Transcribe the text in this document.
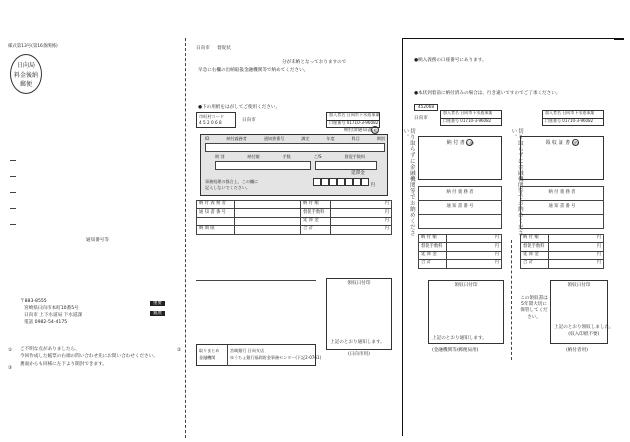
様式第13号(第16条関係)
日向局
料金後納
郵便
通知番号等
〒883-8555
宮崎県日向市本町10番5号
日向市 上下水道局 下水道課
電話 0982-54-4175
重要
親展
① ご不明な点がありましたら、
今回作成した帳票の右端の問い合わせ先にお問い合わせください。
裏面からも同様に左下より開封できます。
③
②
日向市 督促状
分が未納となっておりますので
早急に右欄の出納取扱金融機関等で納めてください。
●下の用紙をはがしてご使用ください。
市町村コード
4 5 2 0 6 8	日向市
加入者名 日向市下水道事業
口座番号 01710-3-96082
納付済通知書 (総)
ID	納付義務者	通知書番号	調定	年度	科目	期別
期 別	納付額	手数	ご/S	督促手数料
延滞金
事務処理の都合上、この欄に
記入しないでください。	円
納 付 義 務 者		納 付 額	円
通 知 書 番 号		督促手数料	円
		延 滞 金	円
納 期 限		合 計	円
領収日付印
上記のとおり通知します。
(日向市用)
取りまとめ
金融機関
宮崎銀行 日向支店
ゆうちょ銀行福岡貯金事務センター(下記2-0761)
●納入義務の口座番号にあります。
●本状到着前に納付済みの場合は、行き違いですのでご了承ください。
452068
日向市
加入者名 日向市下水道事業
口座番号 01710-3-96082
加入者名 日向市下水道事業
口座番号 01710-3-96082
切り取らずに金融機関等でお納めください。	切り取らずに金融機関等でお納めください。
納 付 書 (金)	領 収 証 書 (納)
納 付 義 務 者
通 知 書 番 号

納 付 義 務 者
通 知 書 番 号

納 付 額	円
督促手数料	円
延 滞 金	円
合 計	円
納 付 額	円
督促手数料	円
延 滞 金	円
合 計	円
領収日付印	領収日付印
上記のとおり領収しました。
(収入印紙不要)
この領収書は5年間大切に保管してください。
上記のとおり通知します。
(金融機関等/郵便局用)	(納付者用)
